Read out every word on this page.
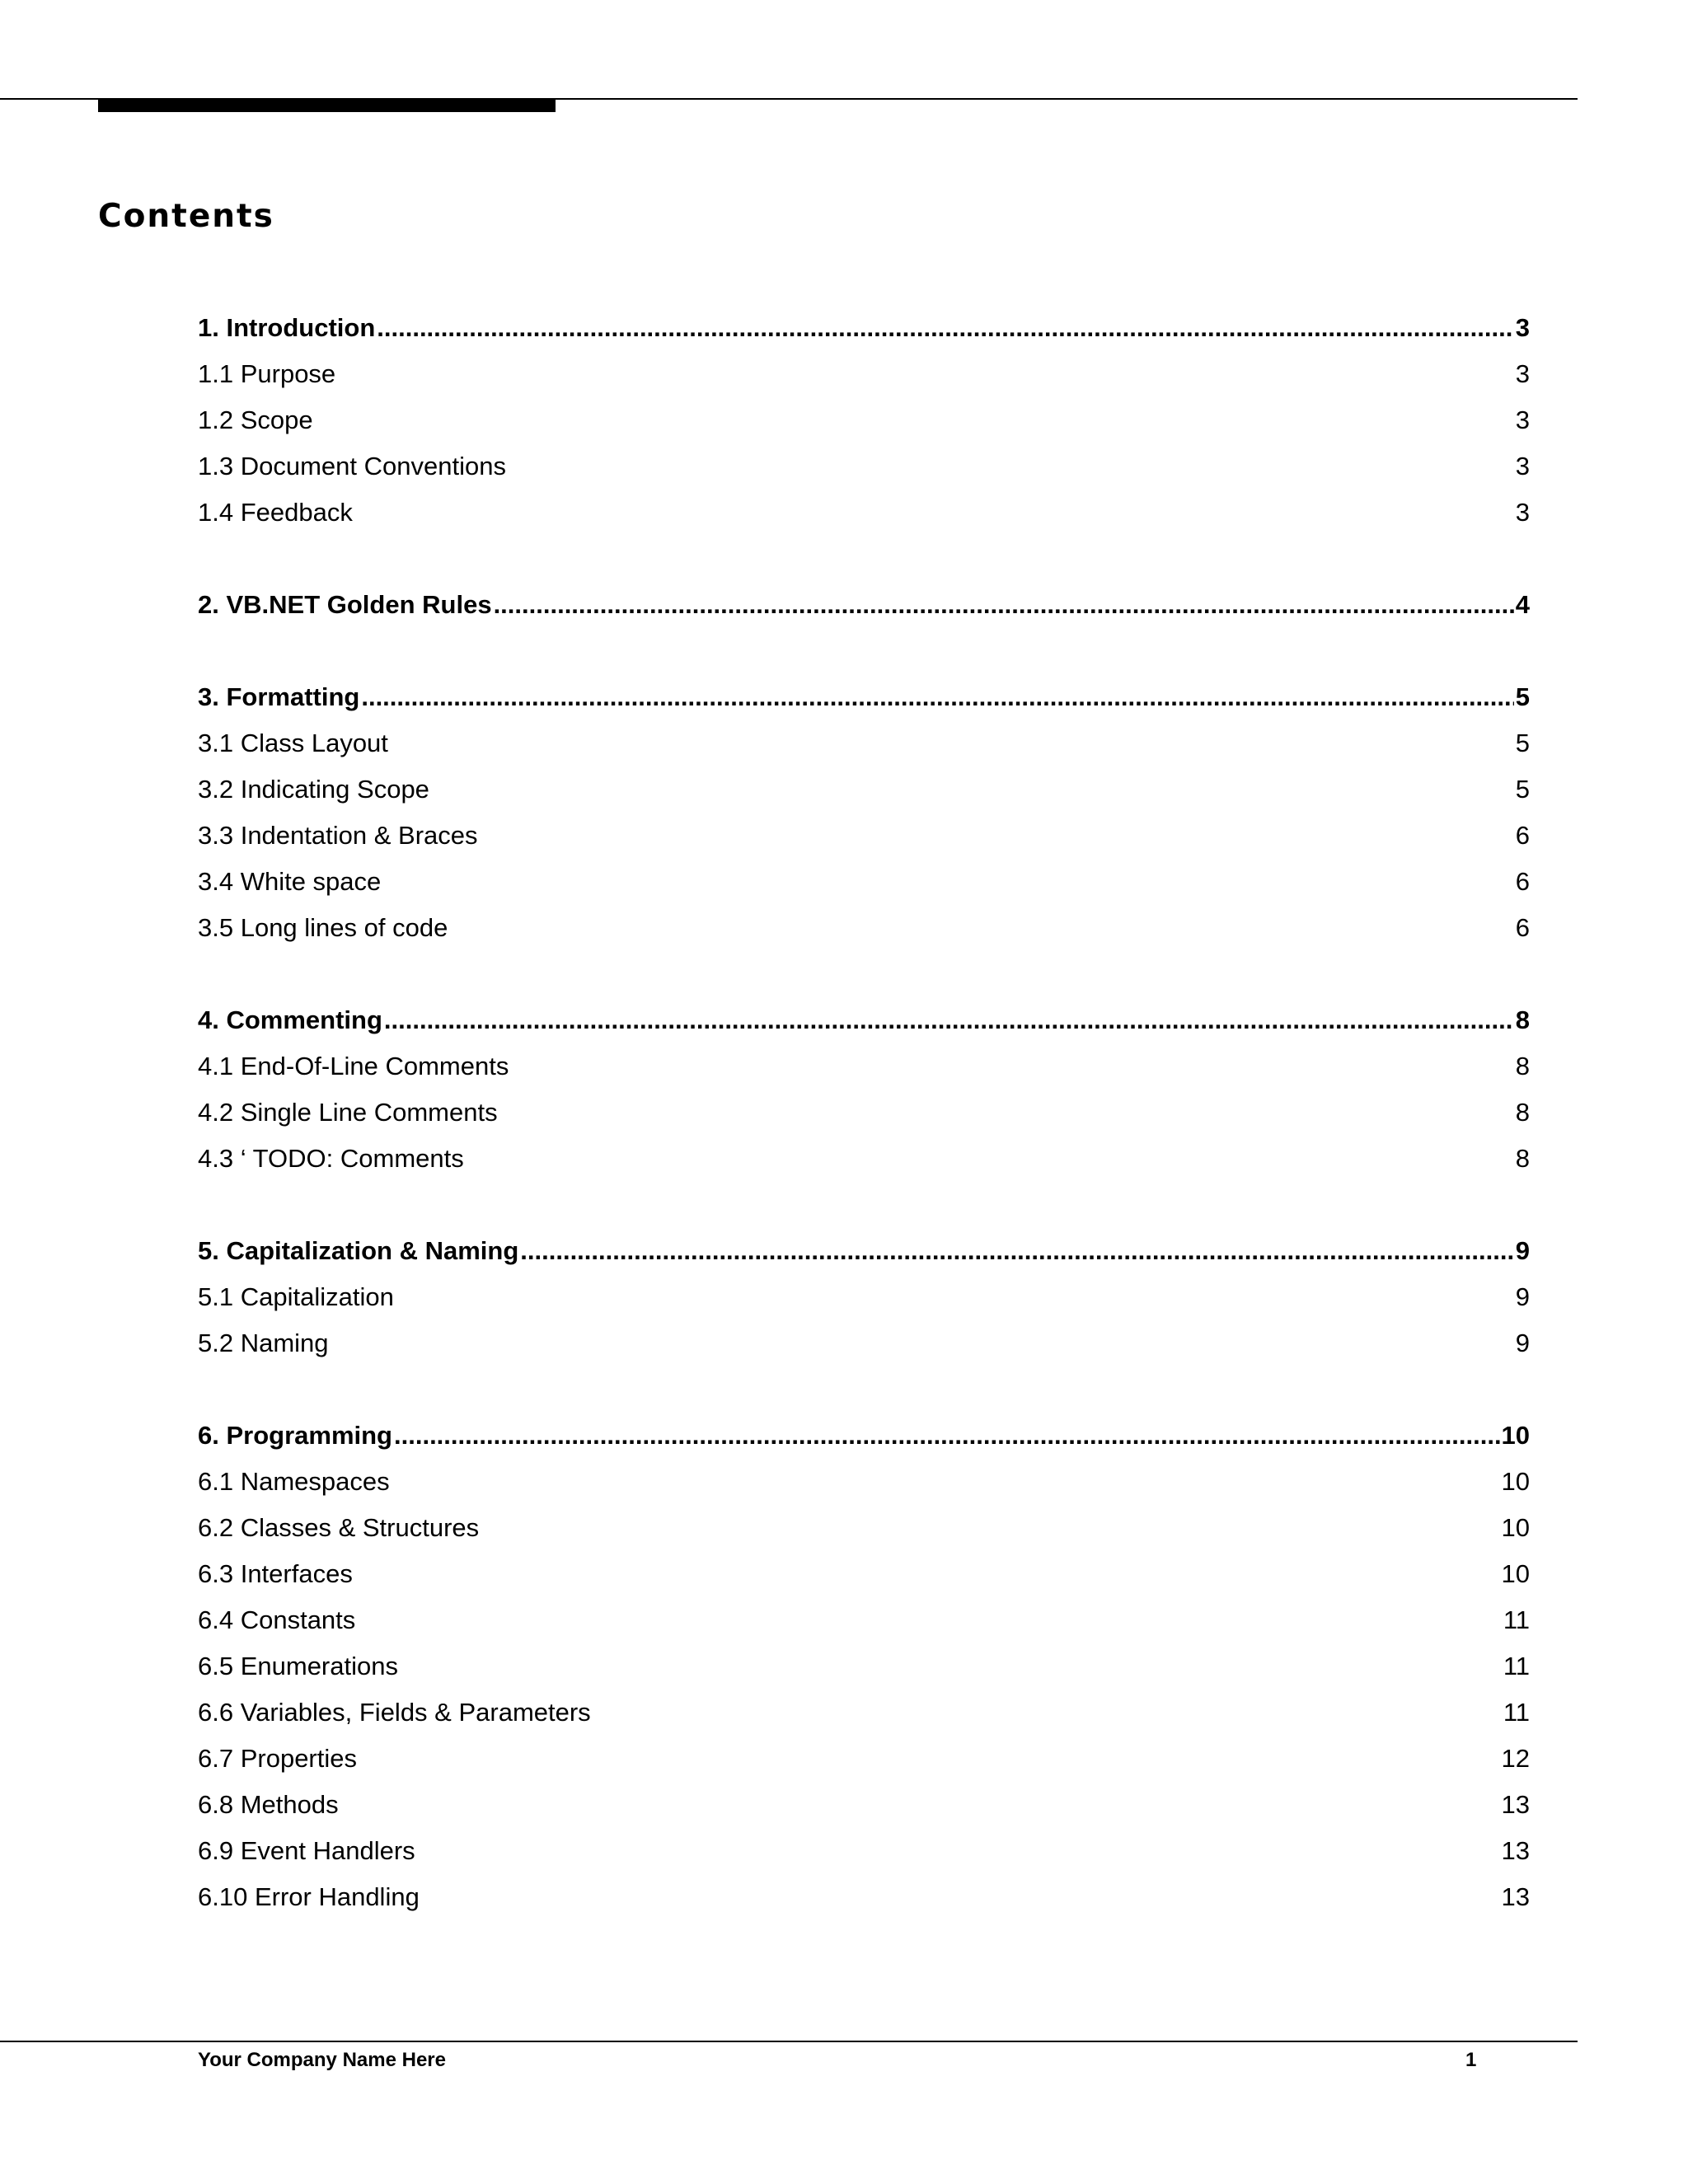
Contents
1. Introduction .....	3
1.1 Purpose	3
1.2 Scope	3
1.3 Document Conventions	3
1.4 Feedback	3
2. VB.NET Golden Rules .....	4
3. Formatting .....	5
3.1 Class Layout	5
3.2 Indicating Scope	5
3.3 Indentation & Braces	6
3.4 White space	6
3.5 Long lines of code	6
4. Commenting .....	8
4.1 End-Of-Line Comments	8
4.2 Single Line Comments	8
4.3 ‘ TODO: Comments	8
5. Capitalization & Naming .....	9
5.1 Capitalization	9
5.2 Naming	9
6. Programming .....	10
6.1 Namespaces	10
6.2 Classes & Structures	10
6.3 Interfaces	10
6.4 Constants	11
6.5 Enumerations	11
6.6 Variables, Fields & Parameters	11
6.7 Properties	12
6.8 Methods	13
6.9 Event Handlers	13
6.10 Error Handling	13
Your Company Name Here	1
